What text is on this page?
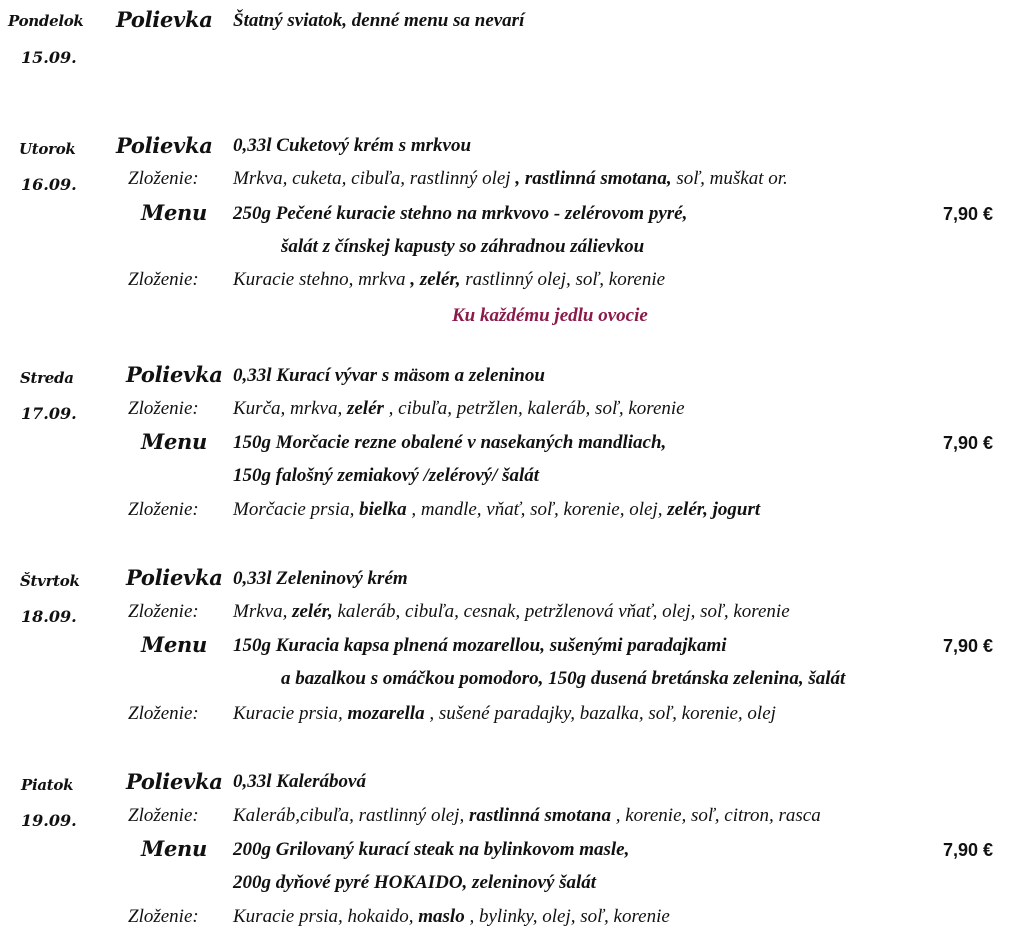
Pondelok
15.09.
Polievka Štatný sviatok, denné menu sa nevarí
Utorok
16.09.
Polievka 0,33l Cuketový krém s mrkvou
Zloženie: Mrkva, cuketa, cibuľa, rastlinný olej , rastlinná smotana, soľ, muškat or.
Menu 250g Pečené kuracie stehno na mrkvovo - zelérovom pyré,	7,90 €
šalát z čínskej kapusty so záhradnou zálievkou
Zloženie: Kuracie stehno, mrkva , zelér, rastlinný olej, soľ, korenie
Ku každému jedlu ovocie
Streda
17.09.
Polievka 0,33l Kurací vývar s mäsom a zeleninou
Zloženie: Kurča, mrkva, zelér , cibuľa, petržlen, kaleráb, soľ, korenie
Menu 150g Morčacie rezne obalené v nasekaných mandliach,	7,90 €
150g falošný zemiakový /zelérový/ šalát
Zloženie: Morčacie prsia, bielka , mandle, vňať, soľ, korenie, olej, zelér, jogurt
Štvrtok
18.09.
Polievka 0,33l Zeleninový krém
Zloženie: Mrkva, zelér, kaleráb, cibuľa, cesnak, petržlenová vňať, olej, soľ, korenie
Menu 150g Kuracia kapsa plnená mozarellou, sušenými paradajkami	7,90 €
a bazalkou s omáčkou pomodoro, 150g dusená bretánska zelenina, šalát
Zloženie: Kuracie prsia, mozarella , sušené paradajky, bazalka, soľ, korenie, olej
Piatok
19.09.
Polievka 0,33l Kalerábová
Zloženie: Kaleráb,cibuľa, rastlinný olej, rastlinná smotana , korenie, soľ, citron, rasca
Menu 200g Grilovaný kurací steak na bylinkovom masle,	7,90 €
200g dyňové pyré HOKAIDO, zeleninový šalát
Zloženie: Kuracie prsia, hokaido, maslo , bylinky, olej, soľ, korenie
